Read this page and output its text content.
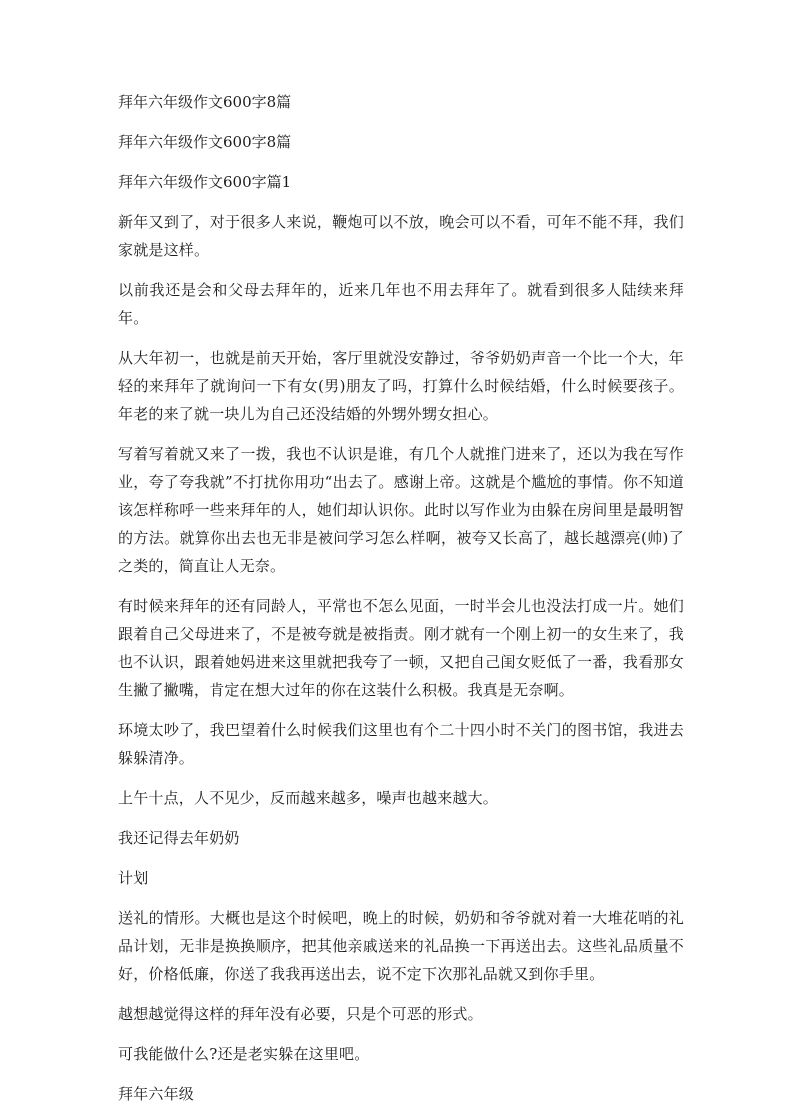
拜年六年级作文600字8篇

拜年六年级作文600字8篇

拜年六年级作文600字篇1

新年又到了，对于很多人来说，鞭炮可以不放，晚会可以不看，可年不能不拜，我们家就是这样。

以前我还是会和父母去拜年的，近来几年也不用去拜年了。就看到很多人陆续来拜年。

从大年初一，也就是前天开始，客厅里就没安静过，爷爷奶奶声音一个比一个大，年轻的来拜年了就询问一下有女(男)朋友了吗，打算什么时候结婚，什么时候要孩子。年老的来了就一块儿为自己还没结婚的外甥外甥女担心。

写着写着就又来了一拨，我也不认识是谁，有几个人就推门进来了，还以为我在写作业，夸了夸我就”不打扰你用功“出去了。感谢上帝。这就是个尴尬的事情。你不知道该怎样称呼一些来拜年的人，她们却认识你。此时以写作业为由躲在房间里是最明智的方法。就算你出去也无非是被问学习怎么样啊，被夸又长高了，越长越漂亮(帅)了之类的，简直让人无奈。

有时候来拜年的还有同龄人，平常也不怎么见面，一时半会儿也没法打成一片。她们跟着自己父母进来了，不是被夸就是被指责。刚才就有一个刚上初一的女生来了，我也不认识，跟着她妈进来这里就把我夸了一顿，又把自己闺女贬低了一番，我看那女生撇了撇嘴，肯定在想大过年的你在这装什么积极。我真是无奈啊。

环境太吵了，我巴望着什么时候我们这里也有个二十四小时不关门的图书馆，我进去躲躲清净。

上午十点，人不见少，反而越来越多，噪声也越来越大。

我还记得去年奶奶

计划

送礼的情形。大概也是这个时候吧，晚上的时候，奶奶和爷爷就对着一大堆花哨的礼品计划，无非是换换顺序，把其他亲戚送来的礼品换一下再送出去。这些礼品质量不好，价格低廉，你送了我我再送出去，说不定下次那礼品就又到你手里。

越想越觉得这样的拜年没有必要，只是个可恶的形式。

可我能做什么?还是老实躲在这里吧。

拜年六年级
